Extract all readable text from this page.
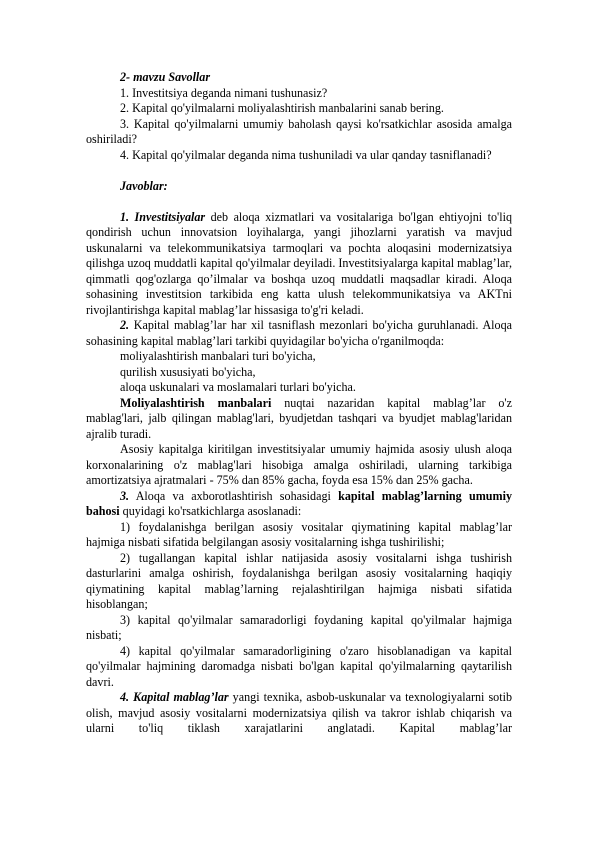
2- mavzu Savollar

1. Investitsiya deganda nimani tushunasiz?

2. Kapital qo'yilmalarni moliyalashtirish manbalarini sanab bering.

3. Kapital qo'yilmalarni umumiy baholash qaysi ko'rsatkichlar asosida amalga oshiriladi?

4. Kapital qo'yilmalar deganda nima tushuniladi va ular qanday tasniflanadi?

Javoblar:

1. Investitsiyalar deb aloqa xizmatlari va vositalariga bo'lgan ehtiyojni to'liq qondirish uchun innovatsion loyihalarga, yangi jihozlarni yaratish va mavjud uskunalarni va telekommunikatsiya tarmoqlari va pochta aloqasini modernizatsiya qilishga uzoq muddatli kapital qo'yilmalar deyiladi. Investitsiyalarga kapital mablag’lar, qimmatli qog'ozlarga qo’ilmalar va boshqa uzoq muddatli maqsadlar kiradi. Aloqa sohasining investitsion tarkibida eng katta ulush telekommunikatsiya va AKTni rivojlantirishga kapital mablag’lar hissasiga to'g'ri keladi.

2. Kapital mablag’lar har xil tasniflash mezonlari bo'yicha guruhlanadi. Aloqa sohasining kapital mablag’lari tarkibi quyidagilar bo'yicha o'rganilmoqda:

moliyalashtirish manbalari turi bo'yicha,

qurilish xususiyati bo'yicha,

aloqa uskunalari va moslamalari turlari bo'yicha.

Moliyalashtirish manbalari nuqtai nazaridan kapital mablag’lar o'z mablag'lari, jalb qilingan mablag'lari, byudjetdan tashqari va byudjet mablag'laridan ajralib turadi.

Asosiy kapitalga kiritilgan investitsiyalar umumiy hajmida asosiy ulush aloqa korxonalarining o'z mablag'lari hisobiga amalga oshiriladi, ularning tarkibiga amortizatsiya ajratmalari - 75% dan 85% gacha, foyda esa 15% dan 25% gacha.

3. Aloqa va axborotlashtirish sohasidagi kapital mablag’larning umumiy bahosi quyidagi ko'rsatkichlarga asoslanadi:

1) foydalanishga berilgan asosiy vositalar qiymatining kapital mablag’lar hajmiga nisbati sifatida belgilangan asosiy vositalarning ishga tushirilishi;

2) tugallangan kapital ishlar natijasida asosiy vositalarni ishga tushirish dasturlarini amalga oshirish, foydalanishga berilgan asosiy vositalarning haqiqiy qiymatining kapital mablag’larning rejalashtirilgan hajmiga nisbati sifatida hisoblangan;

3) kapital qo'yilmalar samaradorligi foydaning kapital qo'yilmalar hajmiga nisbati;

4) kapital qo'yilmalar samaradorligining o'zaro hisoblanadigan va kapital qo'yilmalar hajmining daromadga nisbati bo'lgan kapital qo'yilmalarning qaytarilish davri.

4. Kapital mablag’lar yangi texnika, asbob-uskunalar va texnologiyalarni sotib olish, mavjud asosiy vositalarni modernizatsiya qilish va takror ishlab chiqarish va ularni to'liq tiklash xarajatlarini anglatadi. Kapital mablag’lar
